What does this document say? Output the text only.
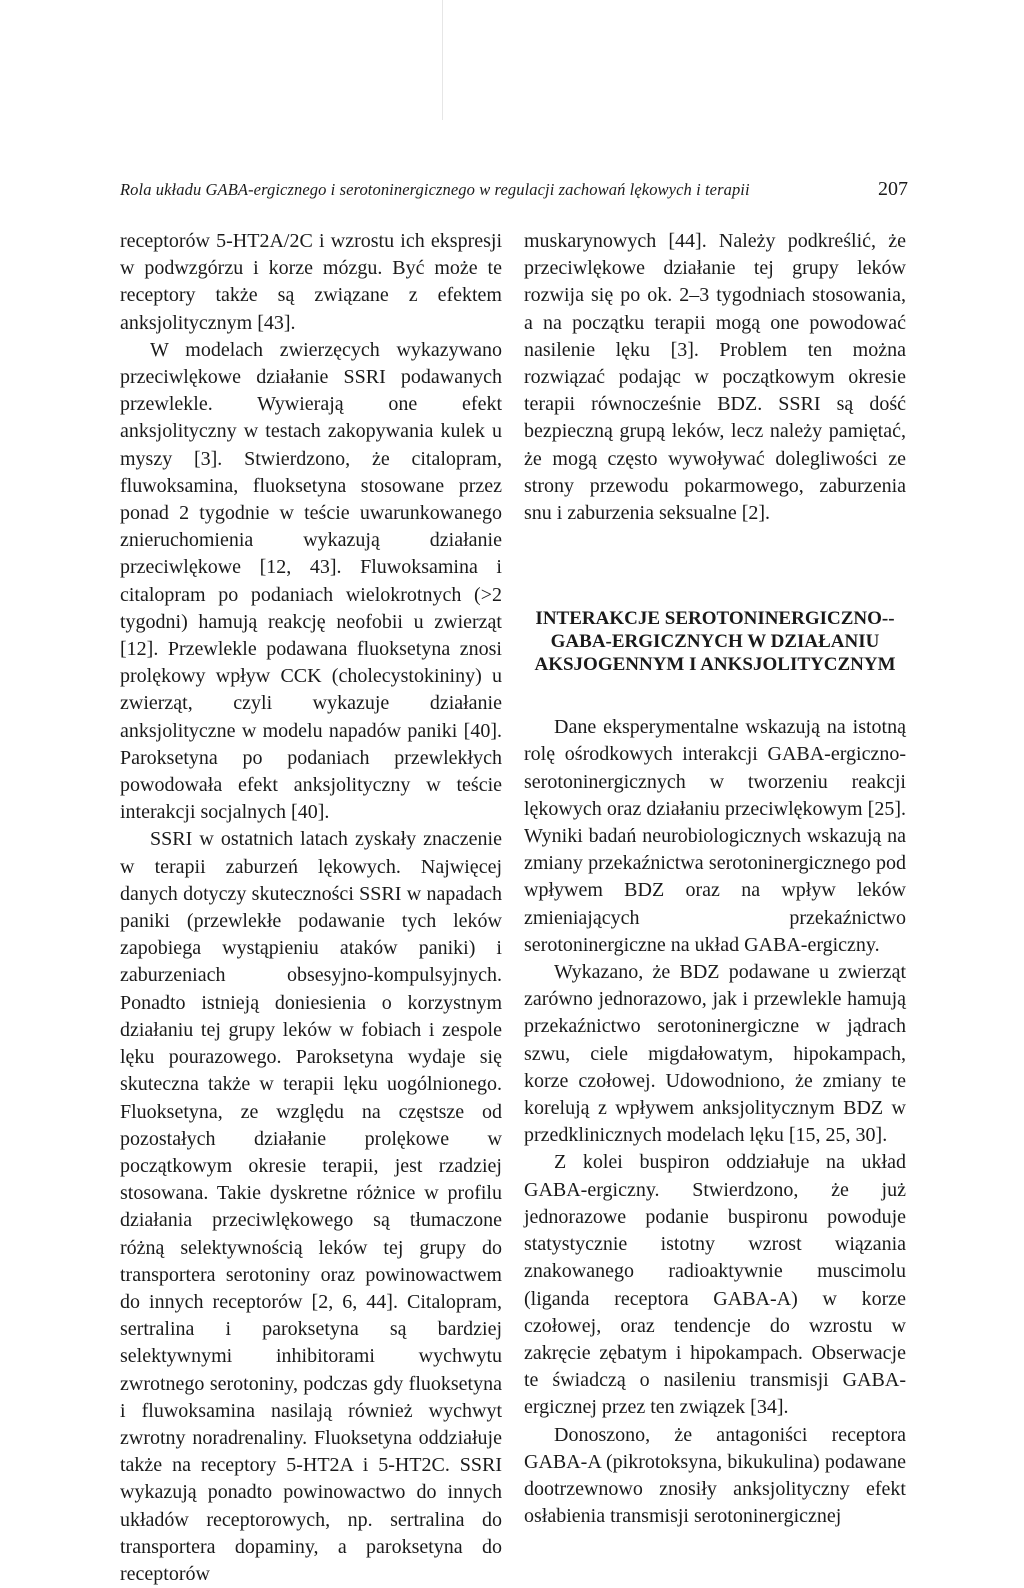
Rola układu GABA-ergicznego i serotoninergicznego w regulacji zachowań lękowych i terapii	207

receptorów 5-HT2A/2C i wzrostu ich ekspresji w podwzgórzu i korze mózgu. Być może te receptory także są związane z efektem anksjolitycznym [43].

W modelach zwierzęcych wykazywano przeciwlękowe działanie SSRI podawanych przewlekle. Wywierają one efekt anksjolityczny w testach zakopywania kulek u myszy [3]. Stwierdzono, że citalopram, fluwoksamina, fluoksetyna stosowane przez ponad 2 tygodnie w teście uwarunkowanego znieruchomienia wykazują działanie przeciwlękowe [12, 43]. Fluwoksamina i citalopram po podaniach wielokrotnych (>2 tygodni) hamują reakcję neofobii u zwierząt [12]. Przewlekle podawana fluoksetyna znosi prolękowy wpływ CCK (cholecystokininy) u zwierząt, czyli wykazuje działanie anksjolityczne w modelu napadów paniki [40]. Paroksetyna po podaniach przewlekłych powodowała efekt anksjolityczny w teście interakcji socjalnych [40].

SSRI w ostatnich latach zyskały znaczenie w terapii zaburzeń lękowych. Najwięcej danych dotyczy skuteczności SSRI w napadach paniki (przewlekłe podawanie tych leków zapobiega wystąpieniu ataków paniki) i zaburzeniach obsesyjno-kompulsyjnych. Ponadto istnieją doniesienia o korzystnym działaniu tej grupy leków w fobiach i zespole lęku pourazowego. Paroksetyna wydaje się skuteczna także w terapii lęku uogólnionego. Fluoksetyna, ze względu na częstsze od pozostałych działanie prolękowe w początkowym okresie terapii, jest rzadziej stosowana. Takie dyskretne różnice w profilu działania przeciwlękowego są tłumaczone różną selektywnością leków tej grupy do transportera serotoniny oraz powinowactwem do innych receptorów [2, 6, 44]. Citalopram, sertralina i paroksetyna są bardziej selektywnymi inhibitorami wychwytu zwrotnego serotoniny, podczas gdy fluoksetyna i fluwoksamina nasilają również wychwyt zwrotny noradrenaliny. Fluoksetyna oddziałuje także na receptory 5-HT2A i 5-HT2C. SSRI wykazują ponadto powinowactwo do innych układów receptorowych, np. sertralina do transportera dopaminy, a paroksetyna do receptorów

muskarynowych [44]. Należy podkreślić, że przeciwlękowe działanie tej grupy leków rozwija się po ok. 2–3 tygodniach stosowania, a na początku terapii mogą one powodować nasilenie lęku [3]. Problem ten można rozwiązać podając w początkowym okresie terapii równocześnie BDZ. SSRI są dość bezpieczną grupą leków, lecz należy pamiętać, że mogą często wywoływać dolegliwości ze strony przewodu pokarmowego, zaburzenia snu i zaburzenia seksualne [2].

INTERAKCJE SEROTONINERGICZNO--GABA-ERGICZNYCH W DZIAŁANIU AKSJOGENNYM I ANKSJOLITYCZNYM

Dane eksperymentalne wskazują na istotną rolę ośrodkowych interakcji GABA-ergiczno-serotoninergicznych w tworzeniu reakcji lękowych oraz działaniu przeciwlękowym [25]. Wyniki badań neurobiologicznych wskazują na zmiany przekaźnictwa serotoninergicznego pod wpływem BDZ oraz na wpływ leków zmieniających przekaźnictwo serotoninergiczne na układ GABA-ergiczny.

Wykazano, że BDZ podawane u zwierząt zarówno jednorazowo, jak i przewlekle hamują przekaźnictwo serotoninergiczne w jądrach szwu, ciele migdałowatym, hipokampach, korze czołowej. Udowodniono, że zmiany te korelują z wpływem anksjolitycznym BDZ w przedklinicznych modelach lęku [15, 25, 30].

Z kolei buspiron oddziałuje na układ GABA-ergiczny. Stwierdzono, że już jednorazowe podanie buspironu powoduje statystycznie istotny wzrost wiązania znakowanego radioaktywnie muscimolu (liganda receptora GABA-A) w korze czołowej, oraz tendencje do wzrostu w zakręcie zębatym i hipokampach. Obserwacje te świadczą o nasileniu transmisji GABA-ergicznej przez ten związek [34].

Donoszono, że antagoniści receptora GABA-A (pikrotoksyna, bikukulina) podawane dootrzewnowo znosiły anksjolityczny efekt osłabienia transmisji serotoninergicznej
